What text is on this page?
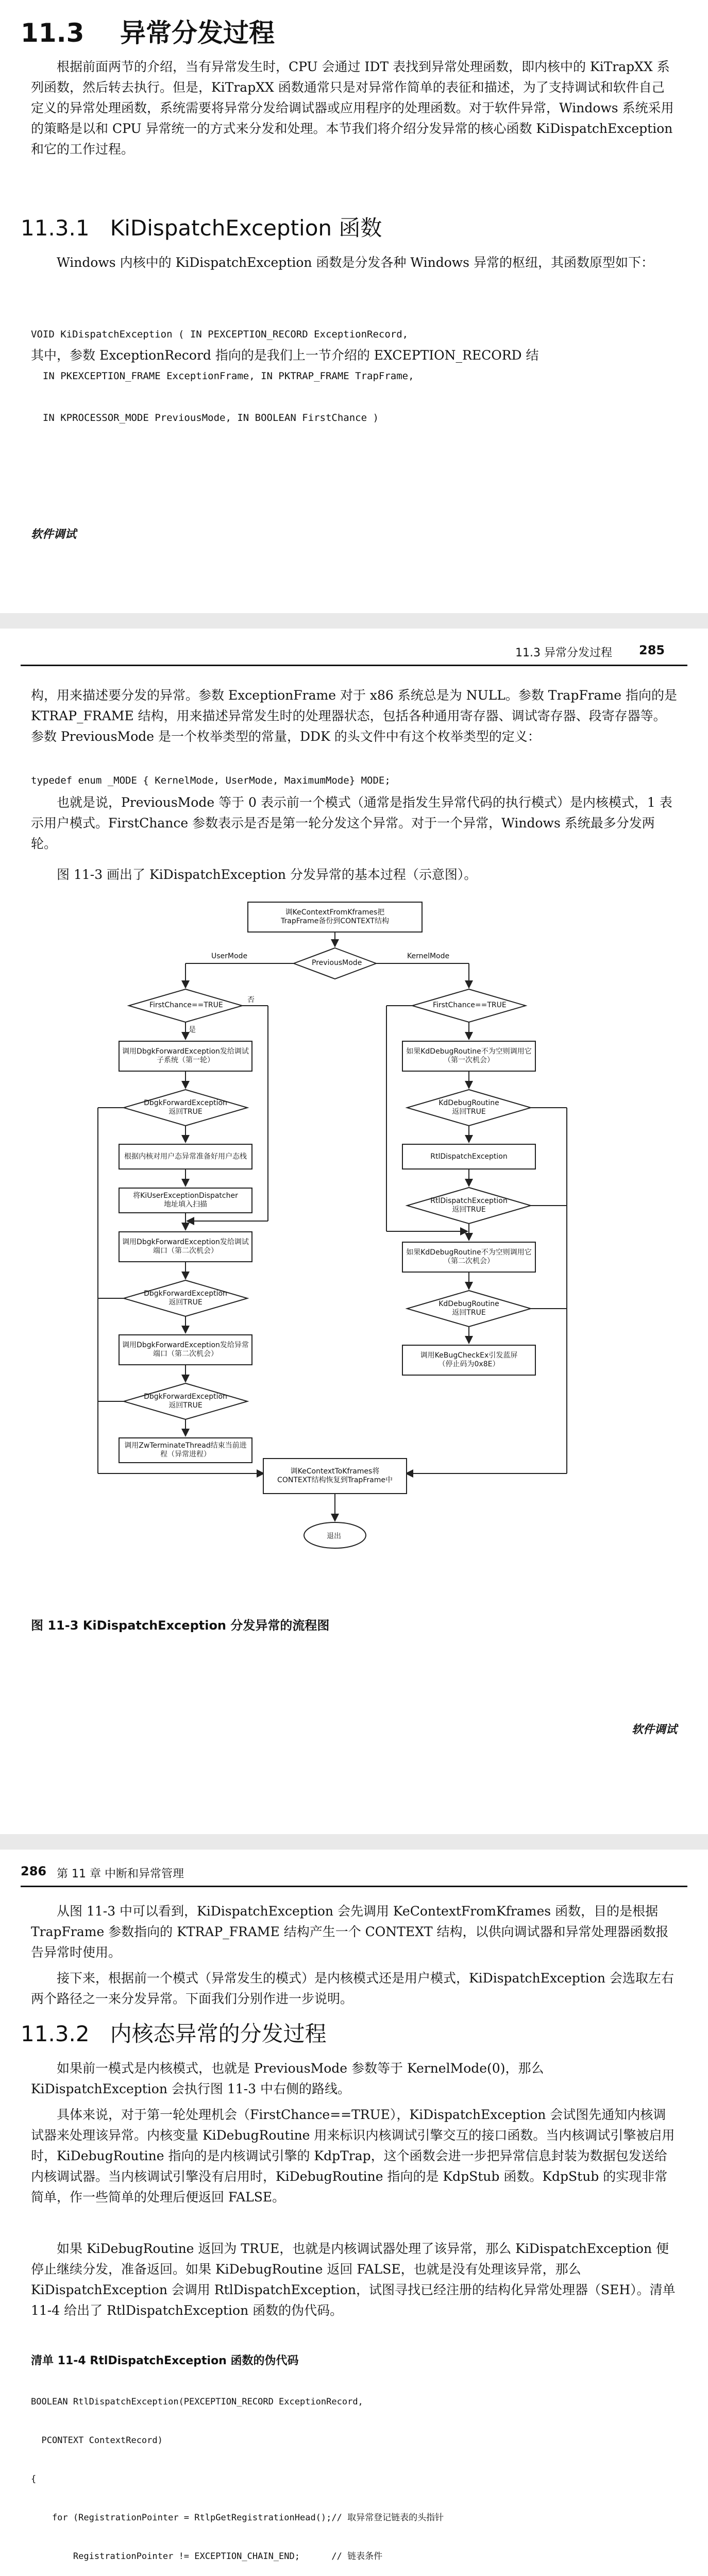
11.3 异常分发过程

根据前面两节的介绍，当有异常发生时，CPU 会通过 IDT 表找到异常处理函数，即内核中的 KiTrapXX 系列函数，然后转去执行。但是，KiTrapXX 函数通常只是对异常作简单的表征和描述，为了支持调试和软件自己定义的异常处理函数，系统需要将异常分发给调试器或应用程序的处理函数。对于软件异常，Windows 系统采用的策略是以和 CPU 异常统一的方式来分发和处理。本节我们将介绍分发异常的核心函数 KiDispatchException 和它的工作过程。

11.3.1 KiDispatchException 函数

Windows 内核中的 KiDispatchException 函数是分发各种 Windows 异常的枢纽，其函数原型如下：

VOID KiDispatchException ( IN PEXCEPTION_RECORD ExceptionRecord,

IN PKEXCEPTION_FRAME ExceptionFrame, IN PKTRAP_FRAME TrapFrame,

IN KPROCESSOR_MODE PreviousMode, IN BOOLEAN FirstChance )

其中，参数 ExceptionRecord 指向的是我们上一节介绍的 EXCEPTION_RECORD 结

软件调试
11.3 异常分发过程 285

构，用来描述要分发的异常。参数 ExceptionFrame 对于 x86 系统总是为 NULL。参数 TrapFrame 指向的是 KTRAP_FRAME 结构，用来描述异常发生时的处理器状态，包括各种通用寄存器、调试寄存器、段寄存器等。参数 PreviousMode 是一个枚举类型的常量，DDK 的头文件中有这个枚举类型的定义：

typedef enum _MODE { KernelMode, UserMode, MaximumMode} MODE;

也就是说，PreviousMode 等于 0 表示前一个模式（通常是指发生异常代码的执行模式）是内核模式，1 表示用户模式。FirstChance 参数表示是否是第一轮分发这个异常。对于一个异常，Windows 系统最多分发两轮。

图 11-3 画出了 KiDispatchException 分发异常的基本过程（示意图）。

调KeContextFromKframes把
TrapFrame备份到CONTEXT结构
PreviousMode
UserMode	KernelMode
FirstChance==TRUE	FirstChance==TRUE
是
否
调用DbgkForwardException发给调试子系统（第一轮）
DbgkForwardException
返回TRUE
根据内核对用户态异常准备好用户态栈
将KiUserExceptionDispatcher
地址填入扫描
调用DbgkForwardException发给调试端口（第二次机会）
DbgkForwardException
返回TRUE
调用DbgkForwardException发给异常端口（第二次机会）
DbgkForwardException
返回TRUE
调用ZwTerminateThread结束当前进程（异常进程）
如果KdDebugRoutine不为空则调用它（第一次机会）
KdDebugRoutine
返回TRUE
RtlDispatchException
RtlDispatchException
返回TRUE
如果KdDebugRoutine不为空则调用它（第二次机会）
KdDebugRoutine
返回TRUE
调用KeBugCheckEx引发蓝屏
（停止码为0x8E）
调KeContextToKframes将
CONTEXT结构恢复到TrapFrame中
退出
图 11-3 KiDispatchException 分发异常的流程图
软件调试
286 第 11 章 中断和异常管理

从图 11-3 中可以看到，KiDispatchException 会先调用 KeContextFromKframes 函数，目的是根据 TrapFrame 参数指向的 KTRAP_FRAME 结构产生一个 CONTEXT 结构，以供向调试器和异常处理器函数报告异常时使用。

接下来，根据前一个模式（异常发生的模式）是内核模式还是用户模式，KiDispatchException 会选取左右两个路径之一来分发异常。下面我们分别作进一步说明。

11.3.2 内核态异常的分发过程

如果前一模式是内核模式，也就是 PreviousMode 参数等于 KernelMode(0)，那么 KiDispatchException 会执行图 11-3 中右侧的路线。

具体来说，对于第一轮处理机会（FirstChance==TRUE），KiDispatchException 会试图先通知内核调试器来处理该异常。内核变量 KiDebugRoutine 用来标识内核调试引擎交互的接口函数。当内核调试引擎被启用时，KiDebugRoutine 指向的是内核调试引擎的 KdpTrap，这个函数会进一步把异常信息封装为数据包发送给内核调试器。当内核调试引擎没有启用时，KiDebugRoutine 指向的是 KdpStub 函数。KdpStub 的实现非常简单，作一些简单的处理后便返回 FALSE。

如果 KiDebugRoutine 返回为 TRUE，也就是内核调试器处理了该异常，那么 KiDispatchException 便停止继续分发，准备返回。如果 KiDebugRoutine 返回 FALSE，也就是没有处理该异常，那么 KiDispatchException 会调用 RtlDispatchException，试图寻找已经注册的结构化异常处理器（SEH）。清单 11-4 给出了 RtlDispatchException 函数的伪代码。

清单 11-4 RtlDispatchException 函数的伪代码

BOOLEAN RtlDispatchException(PEXCEPTION_RECORD ExceptionRecord,

PCONTEXT ContextRecord)

{

for (RegistrationPointer = RtlpGetRegistrationHead();// 取异常登记链表的头指针

RegistrationPointer != EXCEPTION_CHAIN_END;      // 链表条件
